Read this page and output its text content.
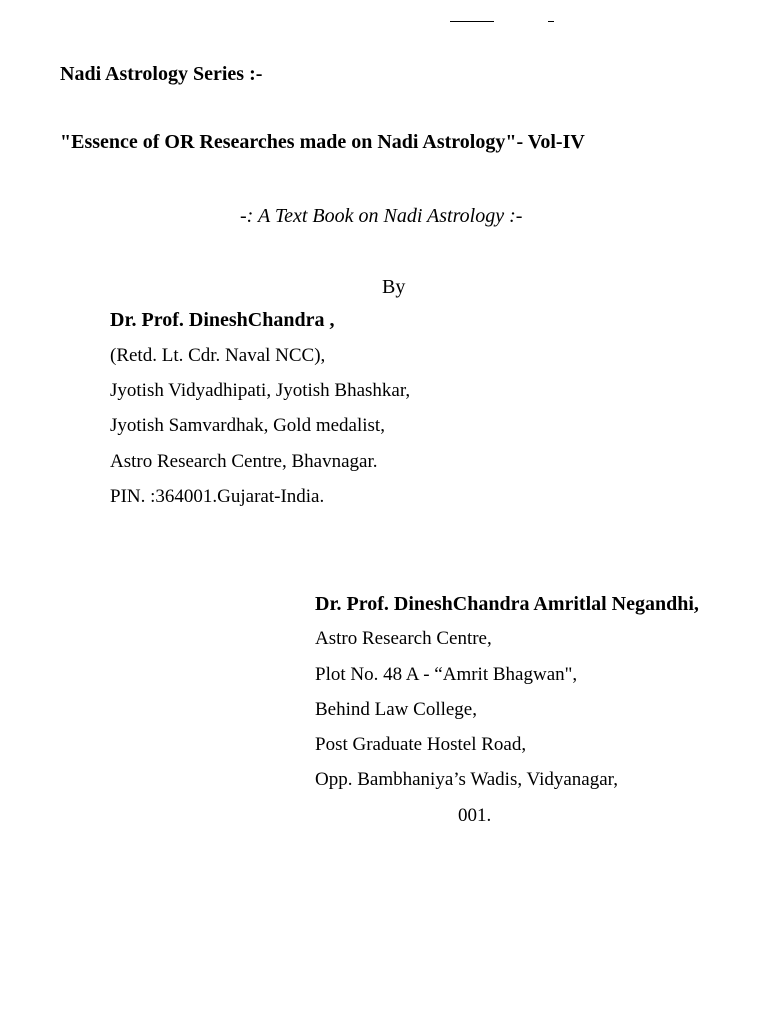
Nadi Astrology Series :-
"Essence of OR Researches made on Nadi Astrology"- Vol-IV
-: A Text Book on Nadi Astrology :-
By
Dr. Prof. DineshChandra ,
(Retd. Lt. Cdr. Naval NCC),
Jyotish Vidyadhipati, Jyotish Bhashkar,
Jyotish Samvardhak, Gold medalist,
Astro Research Centre, Bhavnagar.
PIN. :364001.Gujarat-India.
Dr. Prof. DineshChandra Amritlal Negandhi,
Astro Research Centre,
Plot No. 48 A - “Amrit Bhagwan",
Behind Law College,
Post Graduate Hostel Road,
Opp. Bambhaniya’s Wadis, Vidyanagar,
001.
